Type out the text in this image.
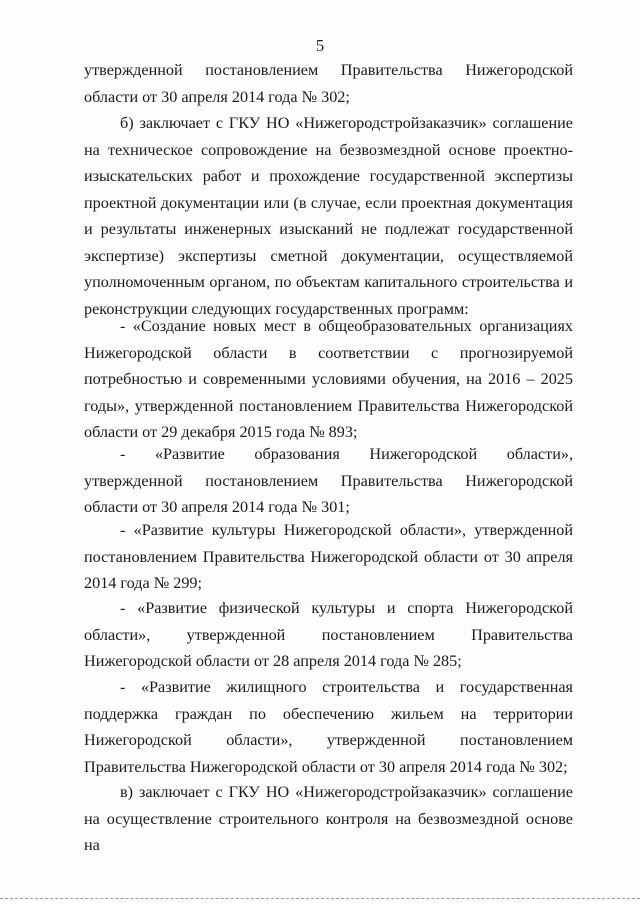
5

утвержденной постановлением Правительства Нижегородской области от 30 апреля 2014 года № 302;

б) заключает с ГКУ НО «Нижегородстройзаказчик» соглашение на техническое сопровождение на безвозмездной основе проектно-изыскательских работ и прохождение государственной экспертизы проектной документации или (в случае, если проектная документация и результаты инженерных изысканий не подлежат государственной экспертизе) экспертизы сметной документации, осуществляемой уполномоченным органом, по объектам капитального строительства и реконструкции следующих государственных программ:

- «Создание новых мест в общеобразовательных организациях Нижегородской области в соответствии с прогнозируемой потребностью и современными условиями обучения, на 2016 – 2025 годы», утвержденной постановлением Правительства Нижегородской области от 29 декабря 2015 года № 893;

- «Развитие образования Нижегородской области», утвержденной постановлением Правительства Нижегородской области от 30 апреля 2014 года № 301;

- «Развитие культуры Нижегородской области», утвержденной постановлением Правительства Нижегородской области от 30 апреля 2014 года № 299;

- «Развитие физической культуры и спорта Нижегородской области», утвержденной постановлением Правительства Нижегородской области от 28 апреля 2014 года № 285;

- «Развитие жилищного строительства и государственная поддержка граждан по обеспечению жильем на территории Нижегородской области», утвержденной постановлением Правительства Нижегородской области от 30 апреля 2014 года № 302;

в) заключает с ГКУ НО «Нижегородстройзаказчик» соглашение на осуществление строительного контроля на безвозмездной основе на
